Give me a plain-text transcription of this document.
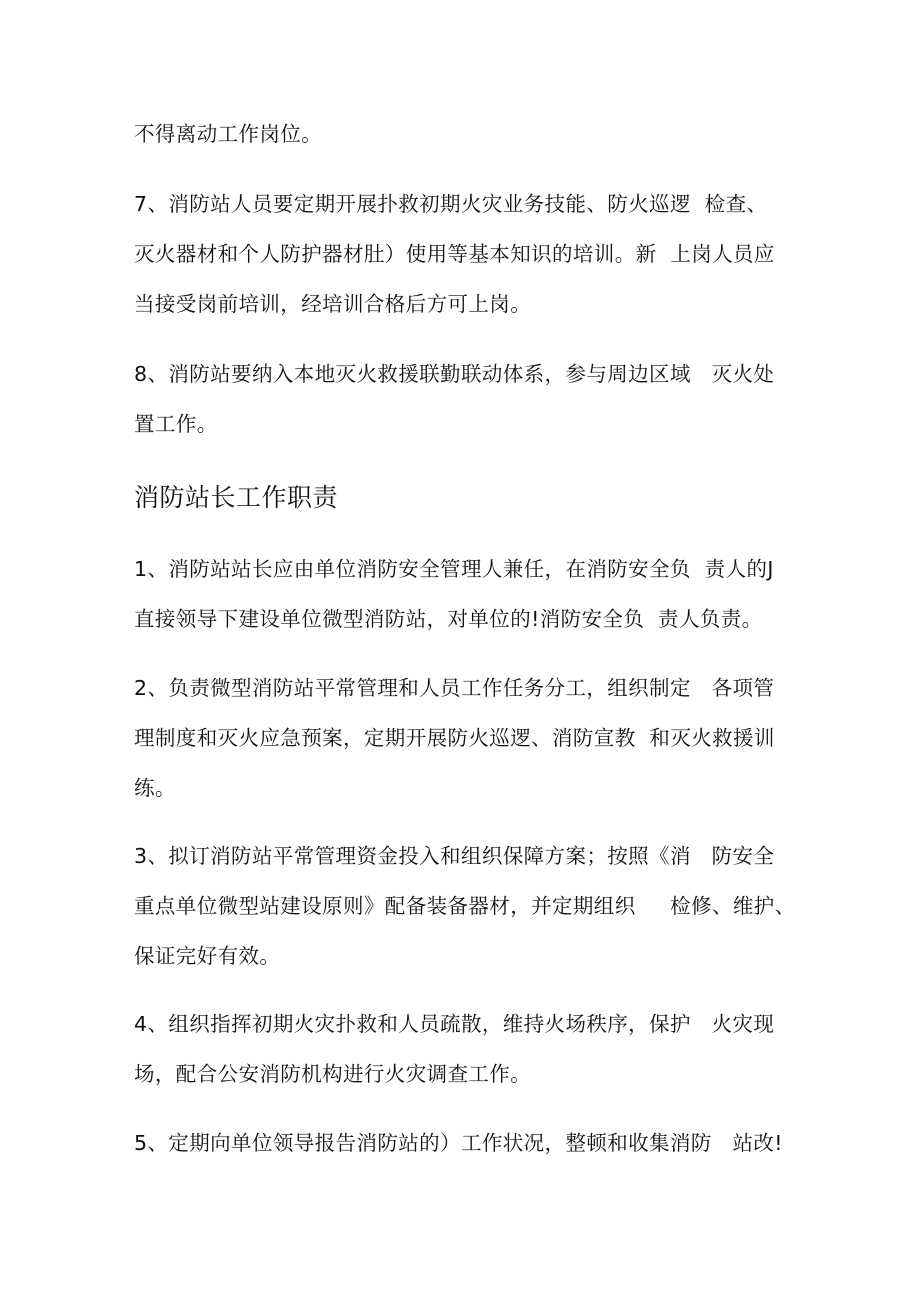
不得离动工作岗位。

7、消防站人员要定期开展扑救初期火灾业务技能、防火巡逻  检查、

灭火器材和个人防护器材肚）使用等基本知识的培训。新  上岗人员应

当接受岗前培训，经培训合格后方可上岗。

8、消防站要纳入本地灭火救援联勤联动体系，参与周边区域   灭火处

置工作。

消防站长工作职责

1、消防站站长应由单位消防安全管理人兼任，在消防安全负  责人的J

直接领导下建设单位微型消防站，对单位的!消防安全负  责人负责。

2、负责微型消防站平常管理和人员工作任务分工，组织制定   各项管

理制度和灭火应急预案，定期开展防火巡逻、消防宣教  和灭火救援训

练。

3、拟订消防站平常管理资金投入和组织保障方案；按照《消   防安全

重点单位微型站建设原则》配备装备器材，并定期组织     检修、维护、

保证完好有效。

4、组织指挥初期火灾扑救和人员疏散，维持火场秩序，保护   火灾现

场，配合公安消防机构进行火灾调查工作。

5、定期向单位领导报告消防站的）工作状况，整顿和收集消防   站改!
